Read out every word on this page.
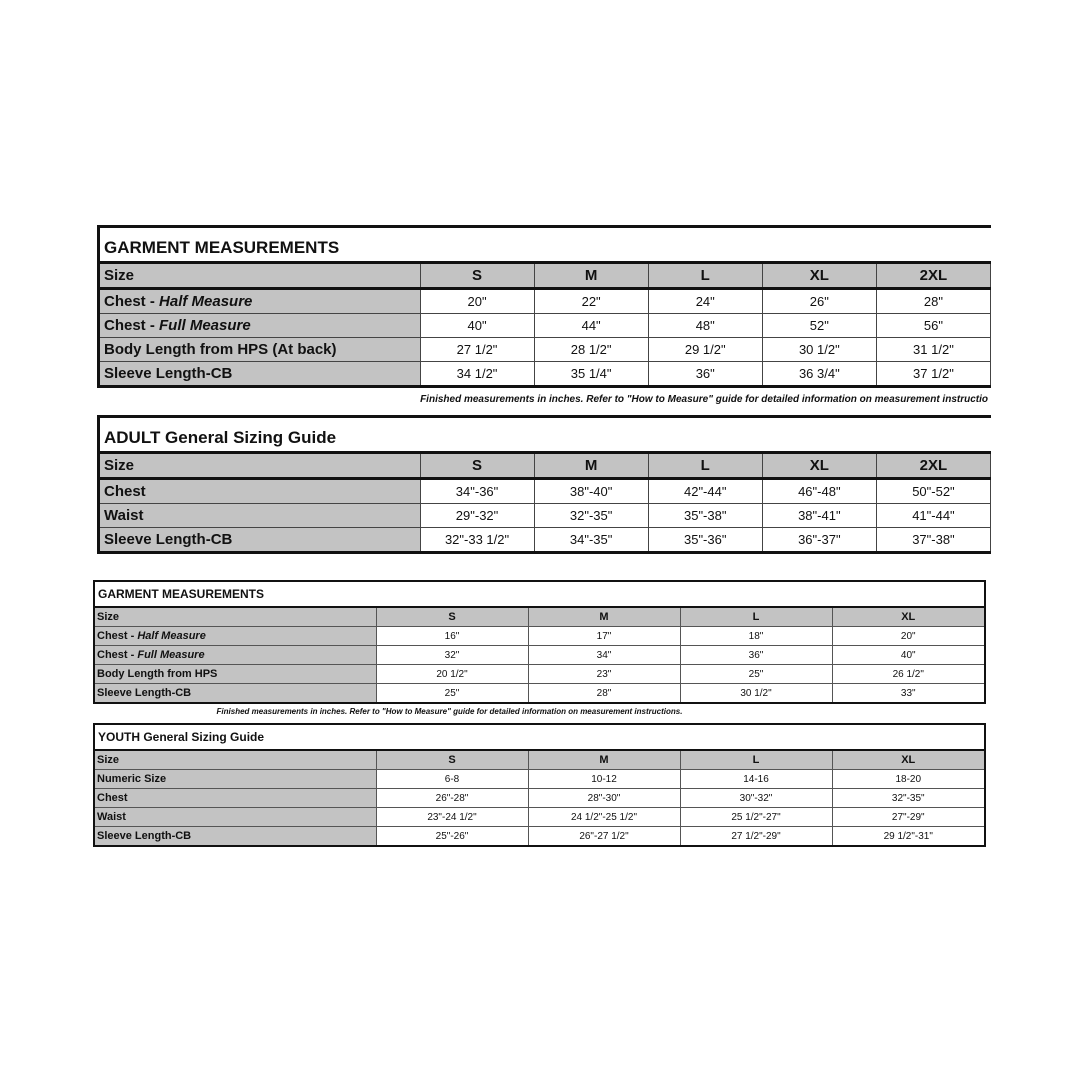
GARMENT MEASUREMENTS
Size	S	M	L	XL	2XL
Chest - Half Measure	20"	22"	24"	26"	28"
Chest - Full Measure	40"	44"	48"	52"	56"
Body Length from HPS (At back)	27 1/2"	28 1/2"	29 1/2"	30 1/2"	31 1/2"
Sleeve Length-CB	34 1/2"	35 1/4"	36"	36 3/4"	37 1/2"
Finished measurements in inches. Refer to "How to Measure" guide for detailed information on measurement instructio
ADULT General Sizing Guide
Size	S	M	L	XL	2XL
Chest	34"-36"	38"-40"	42"-44"	46"-48"	50"-52"
Waist	29"-32"	32"-35"	35"-38"	38"-41"	41"-44"
Sleeve Length-CB	32"-33 1/2"	34"-35"	35"-36"	36"-37"	37"-38"
GARMENT MEASUREMENTS
Size	S	M	L	XL
Chest - Half Measure	16"	17"	18"	20"
Chest - Full Measure	32"	34"	36"	40"
Body Length from HPS	20 1/2"	23"	25"	26 1/2"
Sleeve Length-CB	25"	28"	30 1/2"	33"
Finished measurements in inches. Refer to "How to Measure" guide for detailed information on measurement instructions.
YOUTH General Sizing Guide
Size	S	M	L	XL
Numeric Size	6-8	10-12	14-16	18-20
Chest	26"-28"	28"-30"	30"-32"	32"-35"
Waist	23"-24 1/2"	24 1/2"-25 1/2"	25 1/2"-27"	27"-29"
Sleeve Length-CB	25"-26"	26"-27 1/2"	27 1/2"-29"	29 1/2"-31"
